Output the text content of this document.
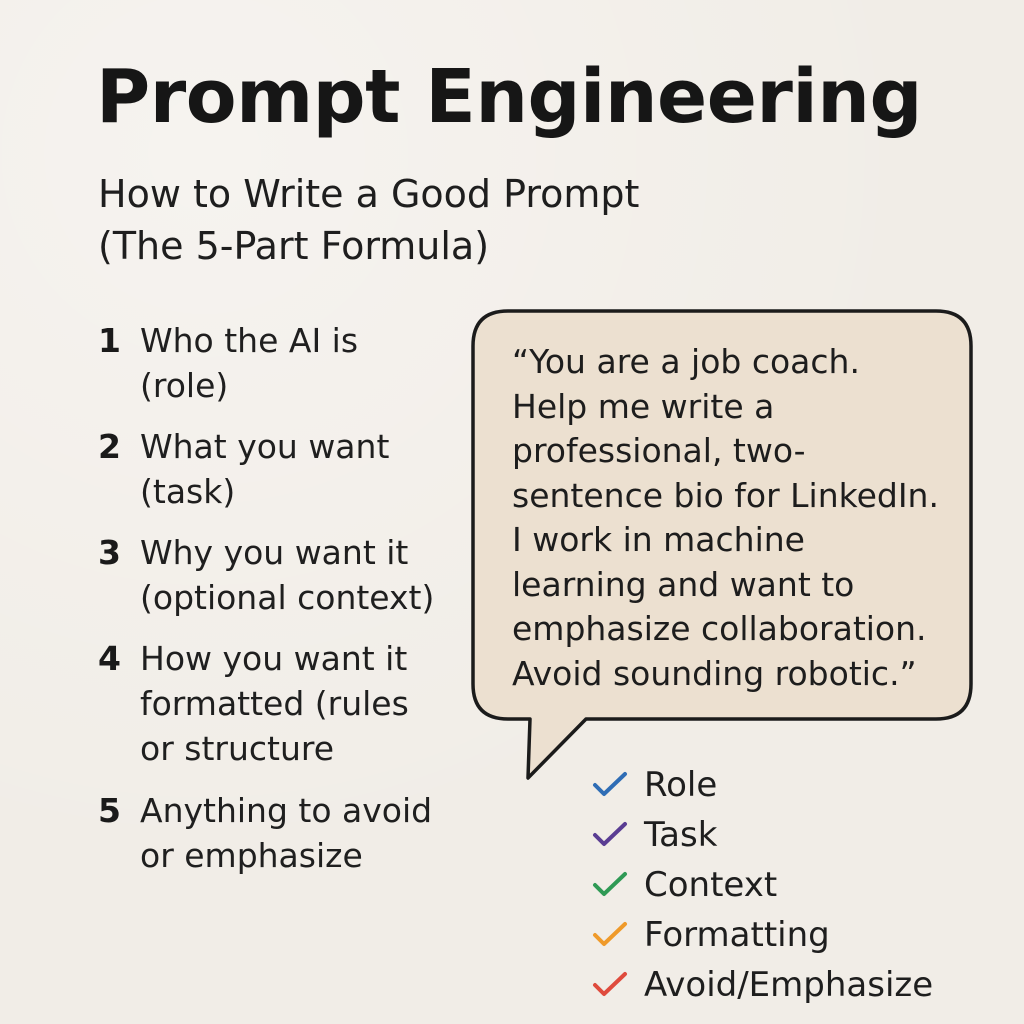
Prompt Engineering
How to Write a Good Prompt
(The 5-Part Formula)
1 Who the AI is
(role)
2 What you want
(task)
3 Why you want it
(optional context)
4 How you want it
formatted (rules
or structure
5 Anything to avoid
or emphasize

“You are a job coach.
Help me write a
professional, two-
sentence bio for LinkedIn.
I work in machine
learning and want to
emphasize collaboration.
Avoid sounding robotic.”

Role
Task
Context
Formatting
Avoid/Emphasize
